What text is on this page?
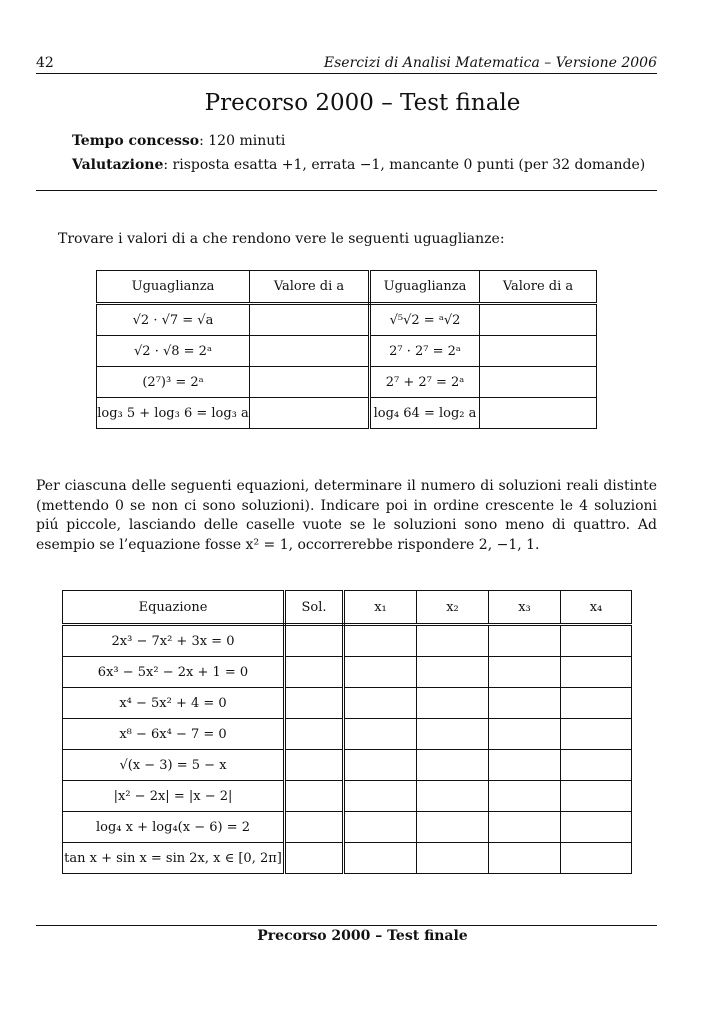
42	Esercizi di Analisi Matematica – Versione 2006
Precorso 2000 – Test finale
Tempo concesso: 120 minuti
Valutazione: risposta esatta +1, errata −1, mancante 0 punti (per 32 domande)
Trovare i valori di a che rendono vere le seguenti uguaglianze:
Uguaglianza	Valore di a	Uguaglianza	Valore di a
√2 · √7 = √a		√⁵√2 = ᵃ√2	
√2 · √8 = 2ᵃ		2⁷ · 2⁷ = 2ᵃ	
(2⁷)³ = 2ᵃ		2⁷ + 2⁷ = 2ᵃ	
log₃ 5 + log₃ 6 = log₃ a		log₄ 64 = log₂ a	
Per ciascuna delle seguenti equazioni, determinare il numero di soluzioni reali distinte (mettendo 0 se non ci sono soluzioni). Indicare poi in ordine crescente le 4 soluzioni piú piccole, lasciando delle caselle vuote se le soluzioni sono meno di quattro. Ad esempio se l’equazione fosse x² = 1, occorrerebbe rispondere 2, −1, 1.
Equazione	Sol.	x₁	x₂	x₃	x₄
2x³ − 7x² + 3x = 0					
6x³ − 5x² − 2x + 1 = 0					
x⁴ − 5x² + 4 = 0					
x⁸ − 6x⁴ − 7 = 0					
√(x − 3) = 5 − x					
|x² − 2x| = |x − 2|					
log₄ x + log₄(x − 6) = 2					
tan x + sin x = sin 2x, x ∈ [0, 2π]					
Precorso 2000 – Test finale
